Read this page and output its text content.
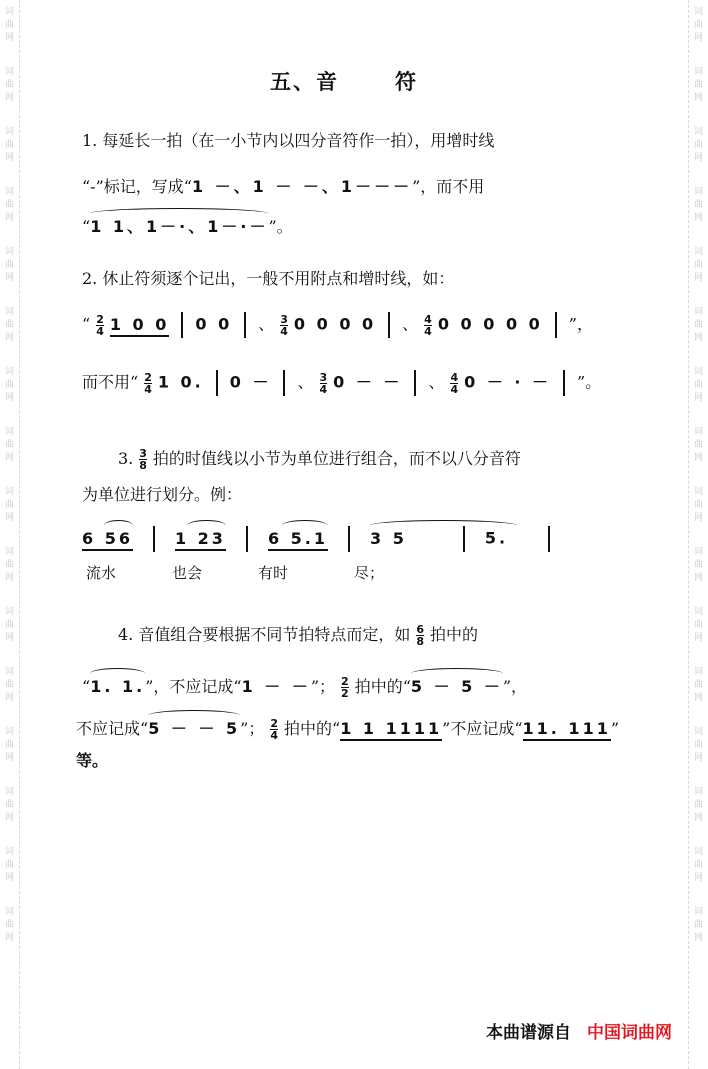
词
曲
网
词
曲
网
词
曲
网
词
曲
网
词
曲
网
词
曲
网
词
曲
网
词
曲
网
词
曲
网
词
曲
网
词
曲
网
词
曲
网
词
曲
网
词
曲
网
词
曲
网
词
曲
网
词
曲
网
词
曲
网
词
曲
网
词
曲
网
词
曲
网
词
曲
网
词
曲
网
词
曲
网
词
曲
网
词
曲
网
词
曲
网
词
曲
网
词
曲
网
词
曲
网
词
曲
网
词
曲
网
五、音	符
1. 每延长一拍（在一小节内以四分音符作一拍），用增时线
“-”标记，写成“1 －、1 － －、1－－－”，而不用
“
1 1、1－·、1－·－”。
2. 休止符须逐个记出，一般不用附点和增时线，如：
“ $\frac{2}{4} 1$ 0 0 0 0 、 $\frac{3}{4} 0$ 0 0 0 、 $\frac{4}{4} 0$ 0 0 0 0 ”，
而不用“ $\frac{2}{4} 1$ 0. 0 － 、 $\frac{3}{4} 0$ － － 、 $\frac{4}{4} 0$ － · － ”。
3. $\frac{3}{8}$ 拍的时值线以小节为单位进行组合，而不以八分音符
为单位进行划分。例：
6 56	1 23	6 5.1	3 5	5.
流水	也会	有时	尽；
4. 音值组合要根据不同节拍特点而定，如 $\frac{6}{8}$ 拍中的
“
1. 1.”，不应记成“1 － －”； $\frac{2}{2}$ 拍中的“
5 － 5 －”，
不应记成“
5 － － 5”； $\frac{2}{4}$ 拍中的“1 1 1111”不应记成“11. 111”
等。
本曲谱源自 中国词曲网
